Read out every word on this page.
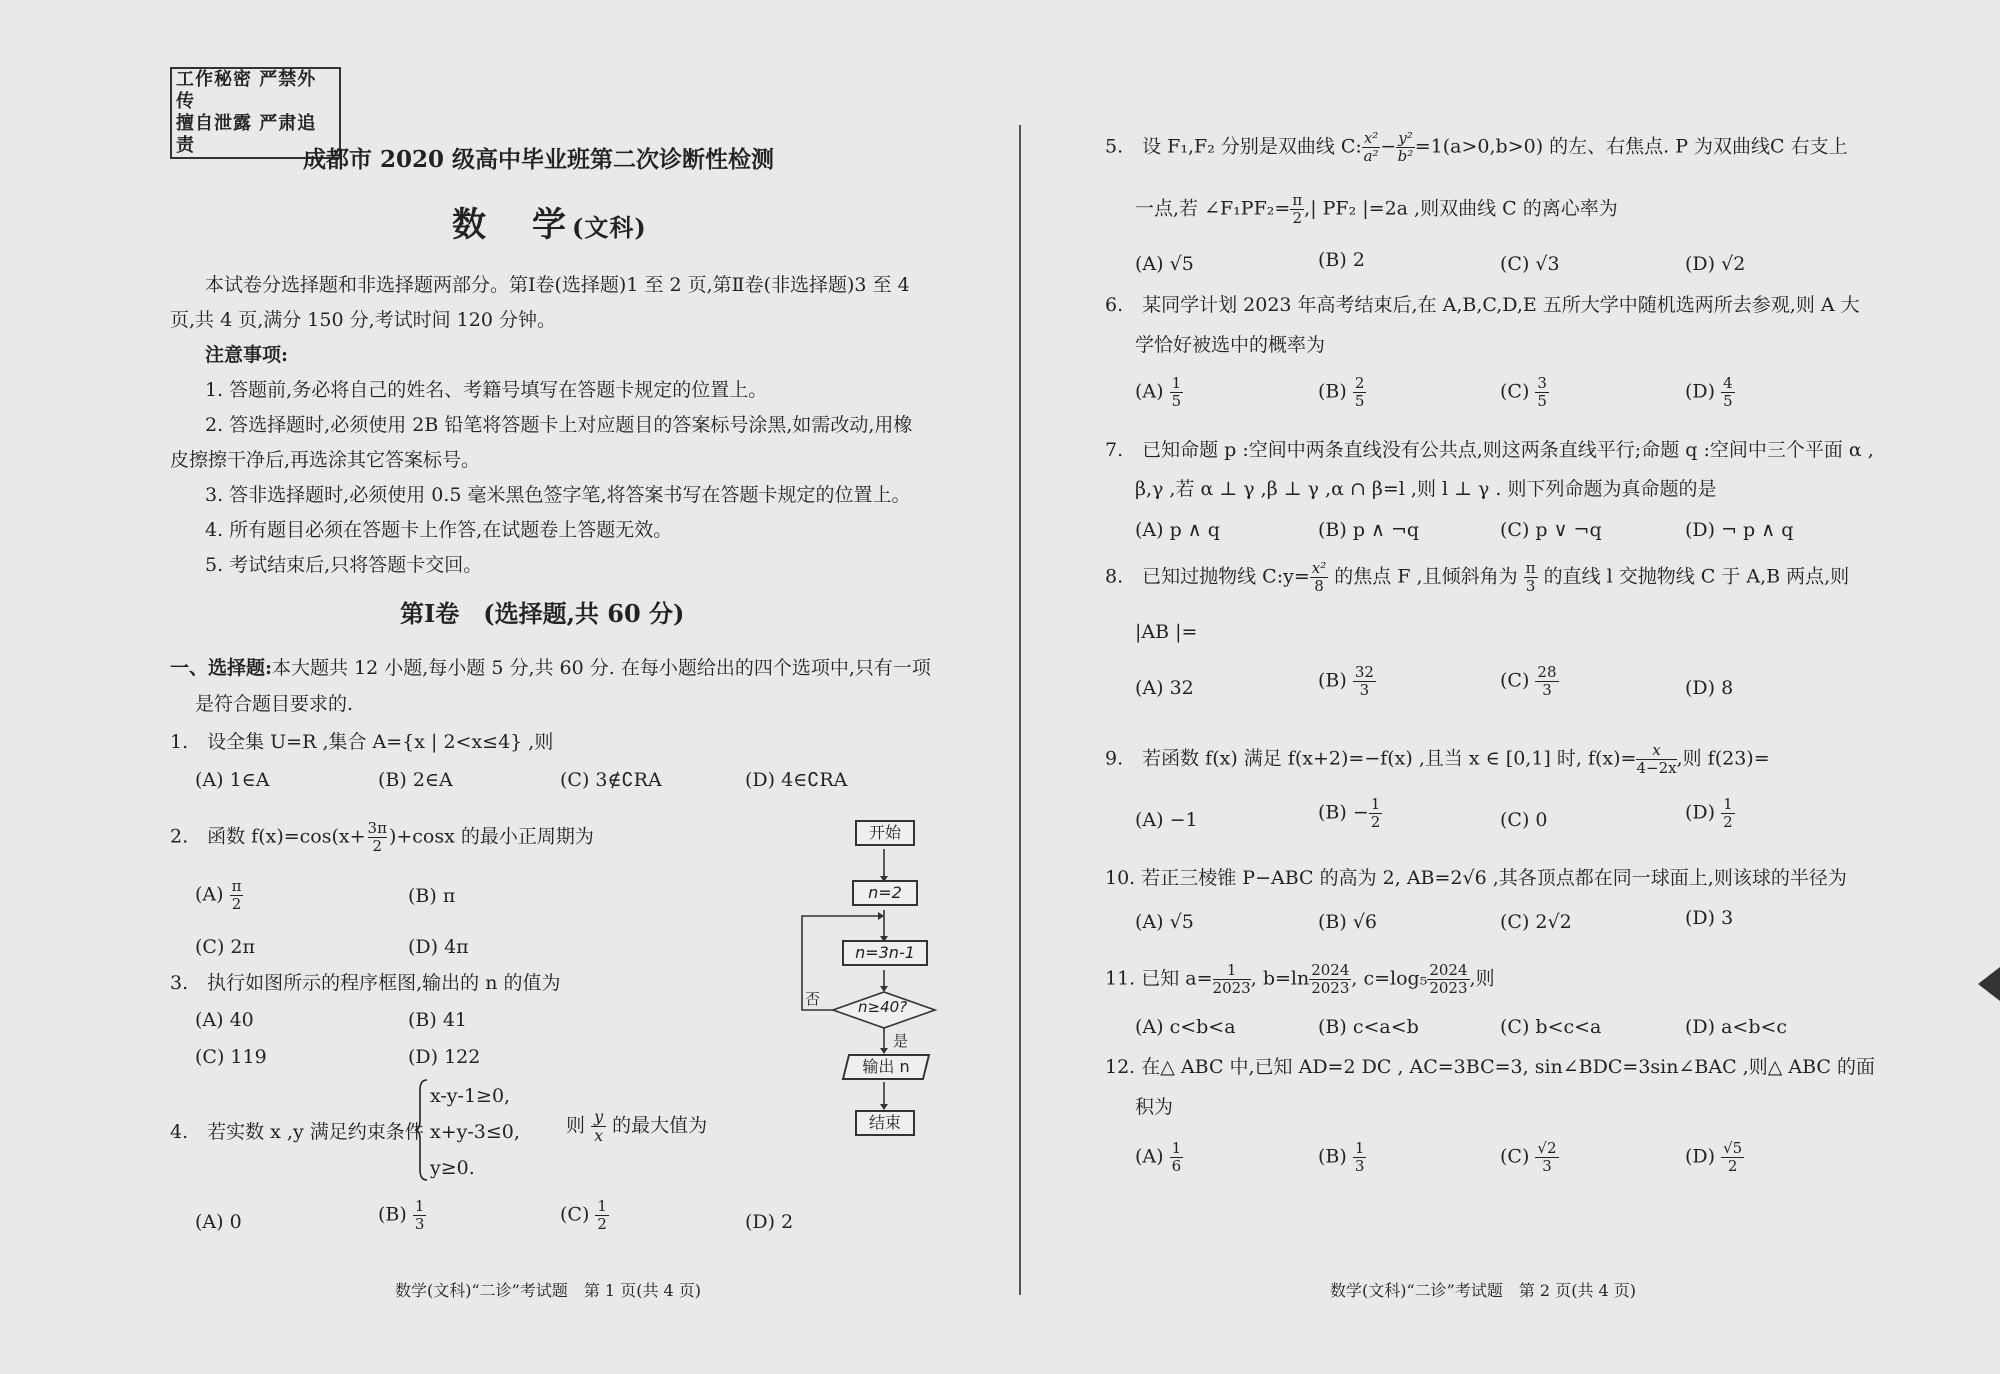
工作秘密 严禁外传
擅自泄露 严肃追责
成都市 2020 级高中毕业班第二次诊断性检测
数　学(文科)
本试卷分选择题和非选择题两部分。第Ⅰ卷(选择题)1 至 2 页,第Ⅱ卷(非选择题)3 至 4
页,共 4 页,满分 150 分,考试时间 120 分钟。
注意事项:
1. 答题前,务必将自己的姓名、考籍号填写在答题卡规定的位置上。
2. 答选择题时,必须使用 2B 铅笔将答题卡上对应题目的答案标号涂黑,如需改动,用橡
皮擦擦干净后,再选涂其它答案标号。
3. 答非选择题时,必须使用 0.5 毫米黑色签字笔,将答案书写在答题卡规定的位置上。
4. 所有题目必须在答题卡上作答,在试题卷上答题无效。
5. 考试结束后,只将答题卡交回。
第Ⅰ卷　(选择题,共 60 分)
一、选择题:本大题共 12 小题,每小题 5 分,共 60 分. 在每小题给出的四个选项中,只有一项
是符合题目要求的.
1.　设全集 U=R ,集合 A={x | 2<x≤4} ,则
(A) 1∈A	(B) 2∈A	(C) 3∉∁RA	(D) 4∈∁RA
2.　函数 $f(x)=\cos(x+ \frac{3\pi}{2} )+\cos x$ 的最小正周期为
$(A) \frac{\pi}{2}$	(B) π
(C) 2π	(D) 4π
3.　执行如图所示的程序框图,输出的 n 的值为
(A) 40	(B) 41
(C) 119	(D) 122
开始
n=2
n=3n-1
n≥40?
否
是
输出 n
结束
4.　若实数 x ,y 满足约束条件
x-y-1≥0,
x+y-3≤0,
y≥0.
则 $\frac{y}{x}$ 的最大值为
(A) 0	$(B) \frac{1}{3}$	$(C) \frac{1}{2}$	(D) 2
数学(文科)“二诊”考试题　第 1 页(共 4 页)
5.　设 F₁,F₂ 分别是双曲线 C: $\frac{\text{x²}}{\text{a²}} - \frac{\text{y²}}{\text{b²}} =1(a>0,b>0)$ 的左、右焦点. P 为双曲线C 右支上
一点,若 ∠F₁PF₂= $\frac{\pi}{2}$ ,| PF₂ |=2a ,则双曲线 C 的离心率为
(A) √5	(B) 2	(C) √3	(D) √2
6.　某同学计划 2023 年高考结束后,在 A,B,C,D,E 五所大学中随机选两所去参观,则 A 大
学恰好被选中的概率为
$(A) \frac{1}{5}$	$(B) \frac{2}{5}$	$(C) \frac{3}{5}$	$(D) \frac{4}{5}$
7.　已知命题 p :空间中两条直线没有公共点,则这两条直线平行;命题 q :空间中三个平面 α ,
β,γ ,若 α ⊥ γ ,β ⊥ γ ,α ∩ β=l ,则 l ⊥ γ . 则下列命题为真命题的是
(A) p ∧ q	(B) p ∧ ¬q	(C) p ∨ ¬q	(D) ¬ p ∧ q
8.　已知过抛物线 C:y= $\frac{\text{x²}}{8}$ 的焦点 F ,且倾斜角为 $\frac{\pi}{3}$ 的直线 l 交抛物线 C 于 A,B 两点,则
|AB |=
(A) 32	$(B) \frac{32}{3}$	$(C) \frac{28}{3}$	(D) 8
9.　若函数 f(x) 满足 f(x+2)=−f(x) ,且当 x ∈ [0,1] 时, $f(x)= \frac{x}{4-2x}$ ,则 f(23)=
(A) −1	$(B) - \frac{1}{2}$	(C) 0	$(D) \frac{1}{2}$
10. 若正三棱锥 P−ABC 的高为 2, AB=2√6 ,其各顶点都在同一球面上,则该球的半径为
(A) √5	(B) √6	(C) 2√2	(D) 3
11. 已知 $a= \frac{1}{2023}$ , $b=\ln \frac{2024}{2023}$ , $c=\log_5 \frac{2024}{2023}$ ,则
(A) c<b<a	(B) c<a<b	(C) b<c<a	(D) a<b<c
12. 在△ ABC 中,已知 AD=2 DC , AC=3BC=3, sin∠BDC=3sin∠BAC ,则△ ABC 的面
积为
$(A) \frac{1}{6}$	$(B) \frac{1}{3}$	$(C) \frac{√2}{3}$	$(D) \frac{√5}{2}$
数学(文科)“二诊”考试题　第 2 页(共 4 页)
